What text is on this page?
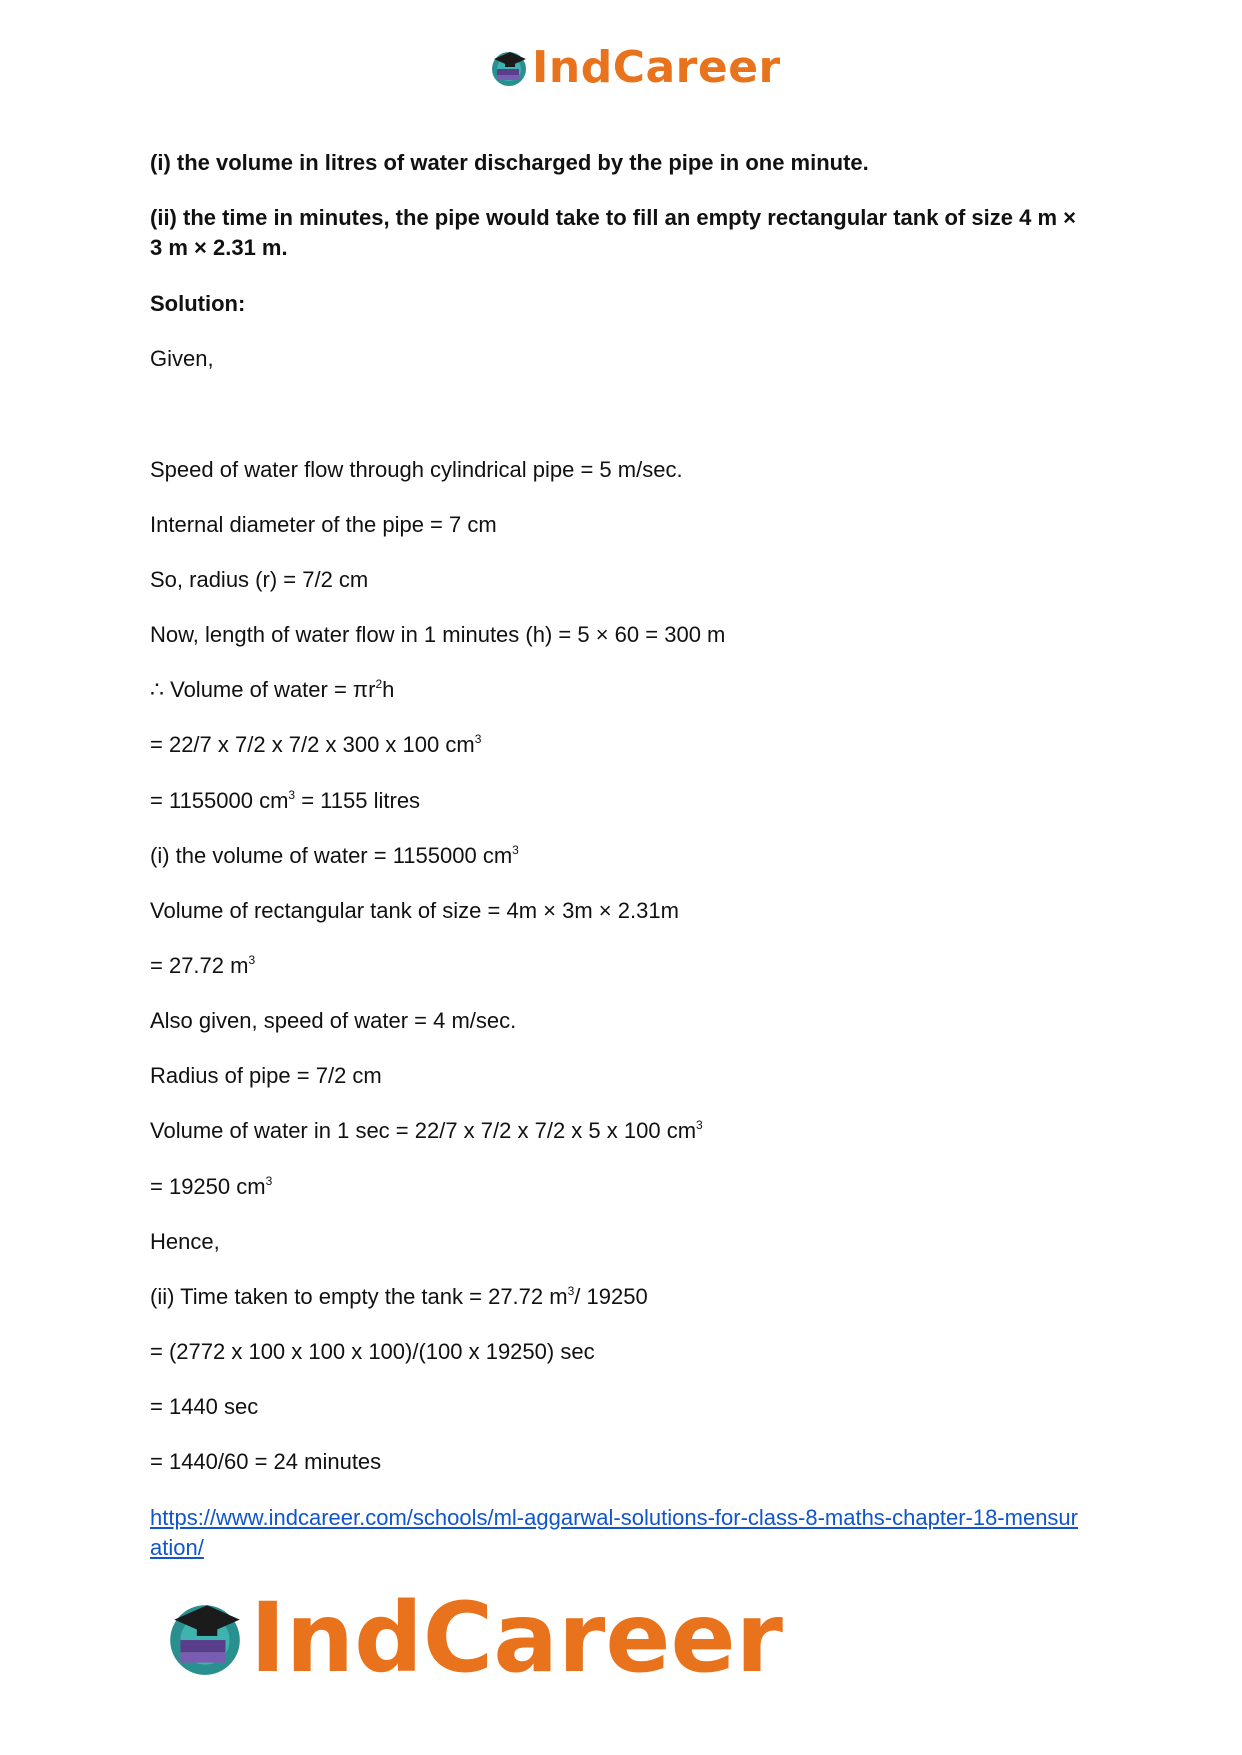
IndCareer

(i) the volume in litres of water discharged by the pipe in one minute.

(ii) the time in minutes, the pipe would take to fill an empty rectangular tank of size 4 m × 3 m × 2.31 m.

Solution:

Given,

Speed of water flow through cylindrical pipe = 5 m/sec.

Internal diameter of the pipe = 7 cm

So, radius (r) = 7/2 cm

Now, length of water flow in 1 minutes (h) = 5 × 60 = 300 m

∴ Volume of water = $\pi r^2h$

= 22/7 x 7/2 x 7/2 x 300 x 100 $cm^3$

= 1155000 $cm^3 = 1155$ litres

(i) the volume of water = 1155000 $cm^3$

Volume of rectangular tank of size = 4m × 3m × 2.31m

= 27.72 $m^3$

Also given, speed of water = 4 m/sec.

Radius of pipe = 7/2 cm

Volume of water in 1 sec = 22/7 x 7/2 x 7/2 x 5 x 100 $cm^3$

= 19250 $cm^3$

Hence,

(ii) Time taken to empty the tank = 27.72 $m^3/$ 19250

= (2772 x 100 x 100 x 100)/(100 x 19250) sec

= 1440 sec

= 1440/60 = 24 minutes

https://www.indcareer.com/schools/ml-aggarwal-solutions-for-class-8-maths-chapter-18-mensuration/
IndCareer
